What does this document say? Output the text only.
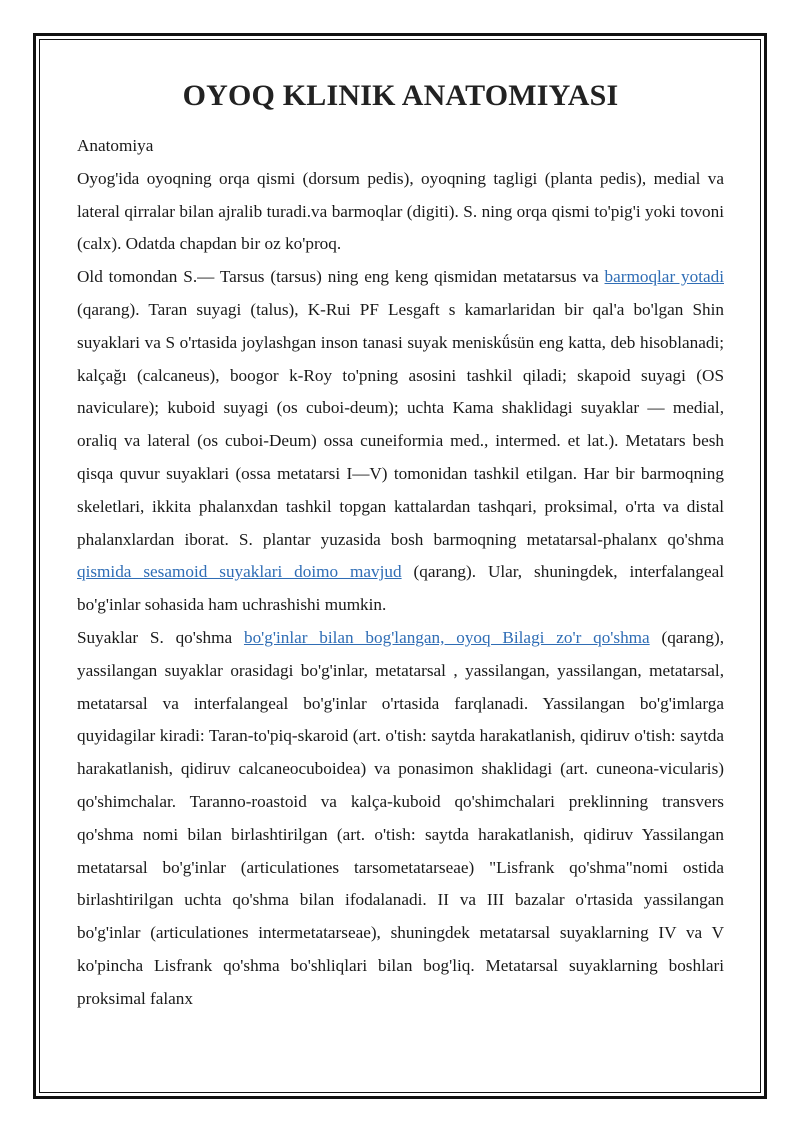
OYOQ KLINIK ANATOMIYASI

Anatomiya

Oyog'ida oyoqning orqa qismi (dorsum pedis), oyoqning tagligi (planta pedis), medial va lateral qirralar bilan ajralib turadi.va barmoqlar (digiti). S. ning orqa qismi to'pig'i yoki tovoni (calx). Odatda chapdan bir oz ko'proq.

Old tomondan S.— Tarsus (tarsus) ning eng keng qismidan metatarsus va barmoqlar yotadi (qarang). Taran suyagi (talus), K-Rui PF Lesgaft s kamarlaridan bir qal'a bo'lgan Shin suyaklari va S o'rtasida joylashgan inson tanasi suyak meniskǘsün eng katta, deb hisoblanadi; kalçağı (calcaneus), boogor k-Roy to'pning asosini tashkil qiladi; skapoid suyagi (OS naviculare); kuboid suyagi (os cuboi-deum); uchta Kama shaklidagi suyaklar — medial, oraliq va lateral (os cuboi-Deum) ossa cuneiformia med., intermed. et lat.). Metatars besh qisqa quvur suyaklari (ossa metatarsi I—V) tomonidan tashkil etilgan. Har bir barmoqning skeletlari, ikkita phalanxdan tashkil topgan kattalardan tashqari, proksimal, o'rta va distal phalanxlardan iborat. S. plantar yuzasida bosh barmoqning metatarsal-phalanx qo'shma qismida sesamoid suyaklari doimo mavjud (qarang). Ular, shuningdek, interfalangeal bo'g'inlar sohasida ham uchrashishi mumkin.

Suyaklar S. qo'shma bo'g'inlar bilan bog'langan, oyoq Bilagi zo'r qo'shma (qarang), yassilangan suyaklar orasidagi bo'g'inlar, metatarsal , yassilangan, yassilangan, metatarsal, metatarsal va interfalangeal bo'g'inlar o'rtasida farqlanadi. Yassilangan bo'g'imlarga quyidagilar kiradi: Taran-to'piq-skaroid (art. o'tish: saytda harakatlanish, qidiruv o'tish: saytda harakatlanish, qidiruv calcaneocuboidea) va ponasimon shaklidagi (art. cuneona-vicularis) qo'shimchalar. Taranno-roastoid va kalça-kuboid qo'shimchalari preklinning transvers qo'shma nomi bilan birlashtirilgan (art. o'tish: saytda harakatlanish, qidiruv Yassilangan metatarsal bo'g'inlar (articulationes tarsometatarseae) "Lisfrank qo'shma"nomi ostida birlashtirilgan uchta qo'shma bilan ifodalanadi. II va III bazalar o'rtasida yassilangan bo'g'inlar (articulationes intermetatarseae), shuningdek metatarsal suyaklarning IV va V ko'pincha Lisfrank qo'shma bo'shliqlari bilan bog'liq. Metatarsal suyaklarning boshlari proksimal falanx
